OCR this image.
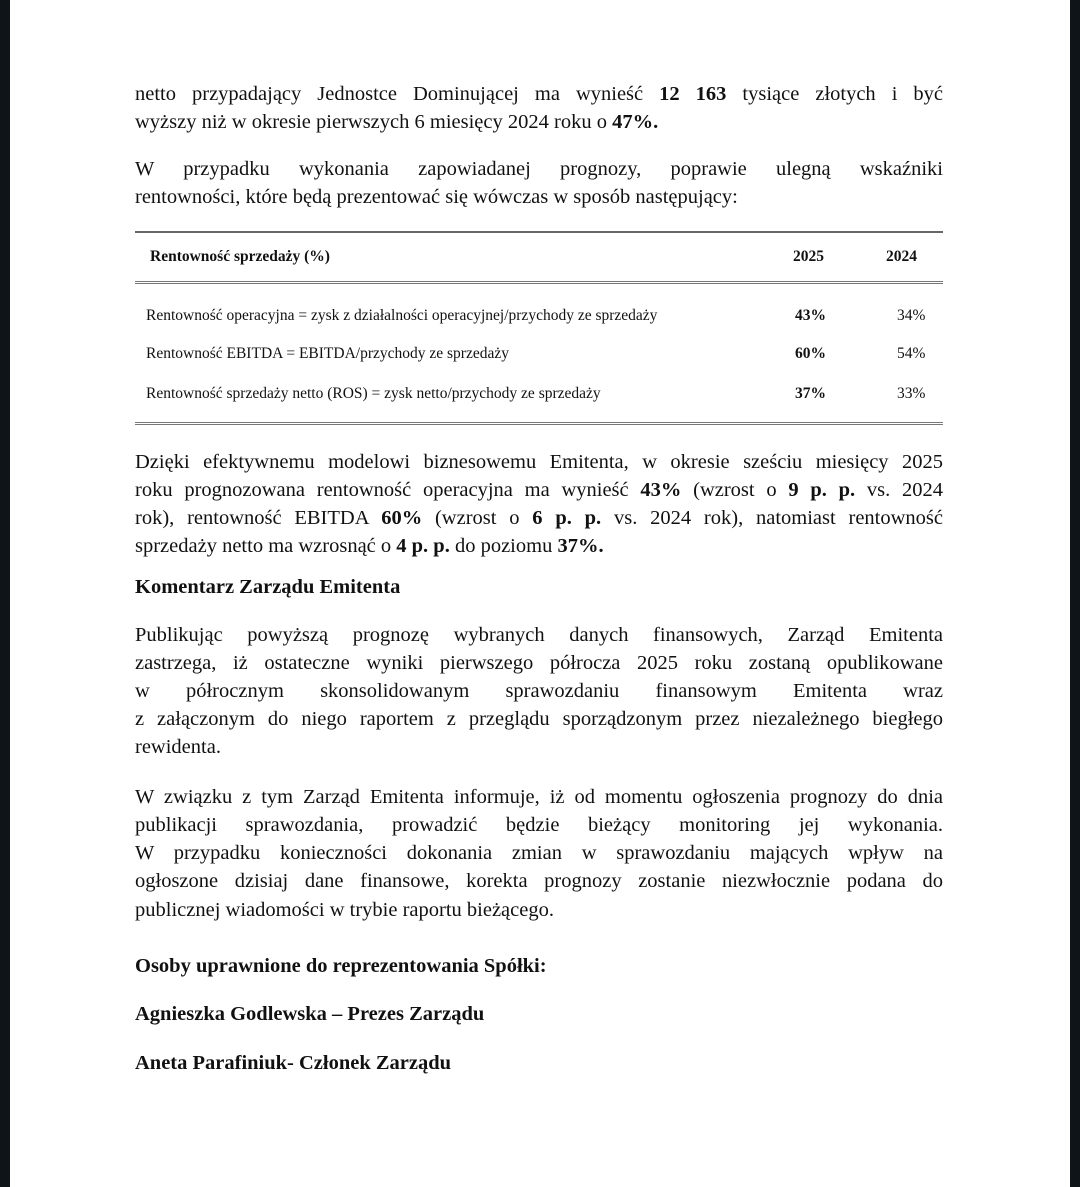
Rentowność sprzedaży (%)	2025	2024
Rentowność operacyjna = zysk z działalności operacyjnej/przychody ze sprzedaży	43%	34%
Rentowność EBITDA = EBITDA/przychody ze sprzedaży	60%	54%
Rentowność sprzedaży netto (ROS) = zysk netto/przychody ze sprzedaży	37%	33%
netto przypadający Jednostce Dominującej ma wynieść 12 163 tysiące złotych i być
wyższy niż w okresie pierwszych 6 miesięcy 2024 roku o 47%.
W przypadku wykonania zapowiadanej prognozy, poprawie ulegną wskaźniki
rentowności, które będą prezentować się wówczas w sposób następujący:
Dzięki efektywnemu modelowi biznesowemu Emitenta, w okresie sześciu miesięcy 2025
roku prognozowana rentowność operacyjna ma wynieść 43% (wzrost o 9 p. p. vs. 2024
rok), rentowność EBITDA 60% (wzrost o 6 p. p. vs. 2024 rok), natomiast rentowność
sprzedaży netto ma wzrosnąć o 4 p. p. do poziomu 37%.
Komentarz Zarządu Emitenta
Publikując powyższą prognozę wybranych danych finansowych, Zarząd Emitenta
zastrzega, iż ostateczne wyniki pierwszego półrocza 2025 roku zostaną opublikowane
w półrocznym skonsolidowanym sprawozdaniu finansowym Emitenta wraz
z załączonym do niego raportem z przeglądu sporządzonym przez niezależnego biegłego
rewidenta.
W związku z tym Zarząd Emitenta informuje, iż od momentu ogłoszenia prognozy do dnia
publikacji sprawozdania, prowadzić będzie bieżący monitoring jej wykonania.
W przypadku konieczności dokonania zmian w sprawozdaniu mających wpływ na
ogłoszone dzisiaj dane finansowe, korekta prognozy zostanie niezwłocznie podana do
publicznej wiadomości w trybie raportu bieżącego.
Osoby uprawnione do reprezentowania Spółki:
Agnieszka Godlewska – Prezes Zarządu
Aneta Parafiniuk- Członek Zarządu
